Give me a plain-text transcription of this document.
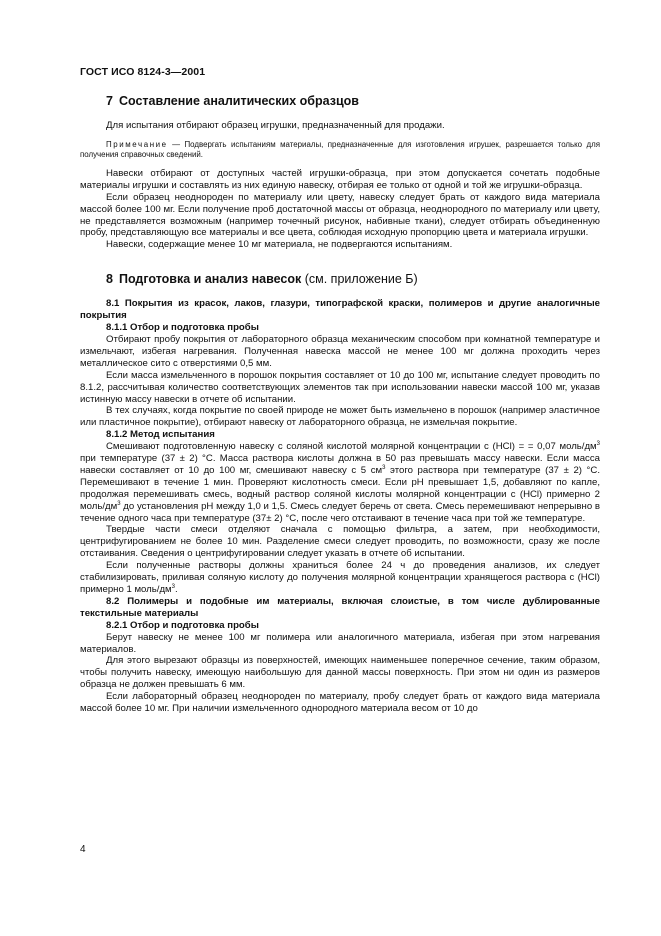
ГОСТ ИСО 8124-3—2001
7 Составление аналитических образцов

Для испытания отбирают образец игрушки, предназначенный для продажи.

Примечание — Подвергать испытаниям материалы, предназначенные для изготовления игрушек, разрешается только для получения справочных сведений.

Навески отбирают от доступных частей игрушки-образца, при этом допускается сочетать подобные материалы игрушки и составлять из них единую навеску, отбирая ее только от одной и той же игрушки-образца.

Если образец неоднороден по материалу или цвету, навеску следует брать от каждого вида материала массой более 100 мг. Если получение проб достаточной массы от образца, неоднородного по материалу или цвету, не представляется возможным (например точечный рисунок, набивные ткани), следует отбирать объединенную пробу, представляющую все материалы и все цвета, соблюдая исходную пропорцию цвета и материала игрушки.

Навески, содержащие менее 10 мг материала, не подвергаются испытаниям.

8 Подготовка и анализ навесок (см. приложение Б)
8.1 Покрытия из красок, лаков, глазури, типографской краски, полимеров и другие аналогичные покрытия
8.1.1 Отбор и подготовка пробы

Отбирают пробу покрытия от лабораторного образца механическим способом при комнатной температуре и измельчают, избегая нагревания. Полученная навеска массой не менее 100 мг должна проходить через металлическое сито с отверстиями 0,5 мм.

Если масса измельченного в порошок покрытия составляет от 10 до 100 мг, испытание следует проводить по 8.1.2, рассчитывая количество соответствующих элементов так при использовании навески массой 100 мг, указав истинную массу навески в отчете об испытании.

В тех случаях, когда покрытие по своей природе не может быть измельчено в порошок (например эластичное или пластичное покрытие), отбирают навеску от лабораторного образца, не измельчая покрытие.

8.1.2 Метод испытания

Смешивают подготовленную навеску с соляной кислотой молярной концентрации c (HCl) = = 0,07 моль/$дм^3$ при температуре (37 ± 2) °С. Масса раствора кислоты должна в 50 раз превышать массу навески. Если масса навески составляет от 10 до 100 мг, смешивают навеску с 5 $см^3$ этого раствора при температуре (37 ± 2) °С. Перемешивают в течение 1 мин. Проверяют кислотность смеси. Если pH превышает 1,5, добавляют по капле, продолжая перемешивать смесь, водный раствор соляной кислоты молярной концентрации c (HCl) примерно 2 моль/$дм^3$ до установления pH между 1,0 и 1,5. Смесь следует беречь от света. Смесь перемешивают непрерывно в течение одного часа при температуре (37± 2) °С, после чего отстаивают в течение часа при той же температуре.

Твердые части смеси отделяют сначала с помощью фильтра, а затем, при необходимости, центрифугированием не более 10 мин. Разделение смеси следует проводить, по возможности, сразу же после отстаивания. Сведения о центрифугировании следует указать в отчете об испытании.

Если полученные растворы должны храниться более 24 ч до проведения анализов, их следует стабилизировать, приливая соляную кислоту до получения молярной концентрации хранящегося раствора c (HCl) примерно 1 моль/$дм^3$.

8.2 Полимеры и подобные им материалы, включая слоистые, в том числе дублированные текстильные материалы
8.2.1 Отбор и подготовка пробы

Берут навеску не менее 100 мг полимера или аналогичного материала, избегая при этом нагревания материалов.

Для этого вырезают образцы из поверхностей, имеющих наименьшее поперечное сечение, таким образом, чтобы получить навеску, имеющую наибольшую для данной массы поверхность. При этом ни один из размеров образца не должен превышать 6 мм.

Если лабораторный образец неоднороден по материалу, пробу следует брать от каждого вида материала массой более 10 мг. При наличии измельченного однородного материала весом от 10 до

4
